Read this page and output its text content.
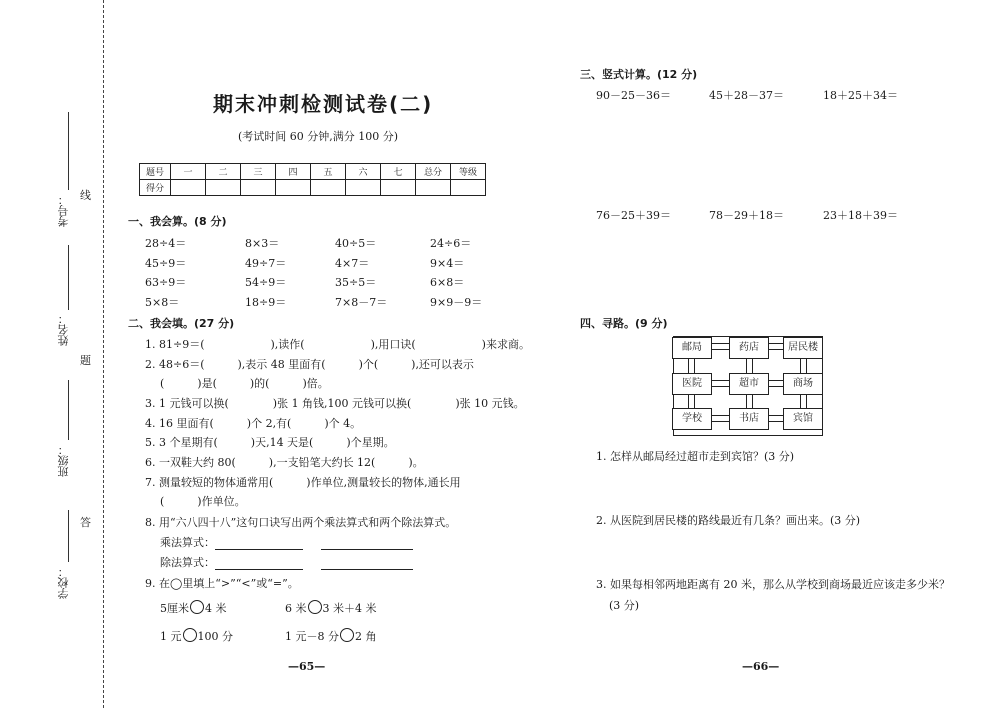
考号：
姓名：
班级：
学校：
线
题
答
期末冲刺检测试卷(二)
(考试时间 60 分钟,满分 100 分)
题号	一	二	三	四	五	六	七	总分	等级
得分									
一、我会算。(8 分)
28÷4＝	8×3＝	40÷5＝	24÷6＝
45÷9＝	49÷7＝	4×7＝	9×4＝
63÷9＝	54÷9＝	35÷5＝	6×8＝
5×8＝	18÷9＝	7×8－7＝	9×9－9＝
二、我会填。(27 分)
1. 81÷9＝(　　　　　　),读作(　　　　　　),用口诀(　　　　　　)来求商。
2. 48÷6＝(　　　),表示 48 里面有(　　　)个(　　　),还可以表示
(　　　)是(　　　)的(　　　)倍。
3. 1 元钱可以换(　　　　)张 1 角钱,100 元钱可以换(　　　　)张 10 元钱。
4. 16 里面有(　　　)个 2,有(　　　)个 4。
5. 3 个星期有(　　　)天,14 天是(　　　)个星期。
6. 一双鞋大约 80(　　　),一支铅笔大约长 12(　　　)。
7. 测量较短的物体通常用(　　　)作单位,测量较长的物体,通长用
(　　　)作单位。
8. 用“六八四十八”这句口诀写出两个乘法算式和两个除法算式。
乘法算式：
除法算式：
9. 在◯里填上“>”“<”或“=”。
5厘米 4 米	6 米 3 米＋4 米
1 元 100 分	1 元－8 分 2 角
—65—
三、竖式计算。(12 分)
90－25－36＝	45＋28－37＝	18＋25＋34＝
76－25＋39＝	78－29＋18＝	23＋18＋39＝
四、寻路。(9 分)
邮局	药店	居民楼
医院	超市	商场
学校	书店	宾馆
1. 怎样从邮局经过超市走到宾馆？(3 分)
2. 从医院到居民楼的路线最近有几条？画出来。(3 分)
3. 如果每相邻两地距离有 20 米，那么从学校到商场最近应该走多少米？
(3 分)
—66—
